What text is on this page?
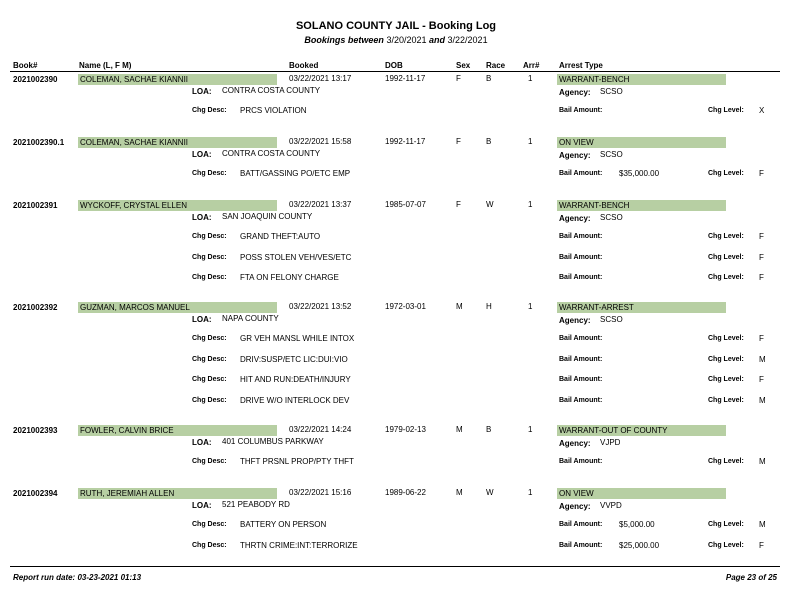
SOLANO COUNTY JAIL - Booking Log
Bookings between 3/20/2021 and 3/22/2021
Book#	Name (L, F M)	Booked	DOB	Sex Race Arr# Arrest Type
2021002390	COLEMAN, SACHAE KIANNII	03/22/2021 13:17	1992-11-17	F	B	1	WARRANT-BENCH
LOA: CONTRA COSTA COUNTY	Agency: SCSO
Chg Desc: PRCS VIOLATION	Bail Amount:	Chg Level: X
2021002390.1 COLEMAN, SACHAE KIANNII	03/22/2021 15:58	1992-11-17	F	B	1	ON VIEW
LOA: CONTRA COSTA COUNTY	Agency: SCSO
Chg Desc: BATT/GASSING PO/ETC EMP	Bail Amount: $35,000.00	Chg Level: F
2021002391	WYCKOFF, CRYSTAL ELLEN	03/22/2021 13:37	1985-07-07	F	W	1	WARRANT-BENCH
LOA: SAN JOAQUIN COUNTY	Agency: SCSO
Chg Desc: GRAND THEFT:AUTO	Bail Amount:	Chg Level: F
Chg Desc: POSS STOLEN VEH/VES/ETC	Bail Amount:	Chg Level: F
Chg Desc: FTA ON FELONY CHARGE	Bail Amount:	Chg Level: F
2021002392	GUZMAN, MARCOS MANUEL	03/22/2021 13:52	1972-03-01	M	H	1	WARRANT-ARREST
LOA: NAPA COUNTY	Agency: SCSO
Chg Desc: GR VEH MANSL WHILE INTOX	Bail Amount:	Chg Level: F
Chg Desc: DRIV:SUSP/ETC LIC:DUI:VIO	Bail Amount:	Chg Level: M
Chg Desc: HIT AND RUN:DEATH/INJURY	Bail Amount:	Chg Level: F
Chg Desc: DRIVE W/O INTERLOCK DEV	Bail Amount:	Chg Level: M
2021002393	FOWLER, CALVIN BRICE	03/22/2021 14:24	1979-02-13	M	B	1	WARRANT-OUT OF COUNTY
LOA: 401 COLUMBUS PARKWAY	Agency: VJPD
Chg Desc: THFT PRSNL PROP/PTY THFT	Bail Amount:	Chg Level: M
2021002394	RUTH, JEREMIAH ALLEN	03/22/2021 15:16	1989-06-22	M	W	1	ON VIEW
LOA: 521 PEABODY RD	Agency: VVPD
Chg Desc: BATTERY ON PERSON	Bail Amount: $5,000.00	Chg Level: M
Chg Desc: THRTN CRIME:INT:TERRORIZE	Bail Amount: $25,000.00	Chg Level: F
Report run date: 03-23-2021 01:13	Page 23 of 25
